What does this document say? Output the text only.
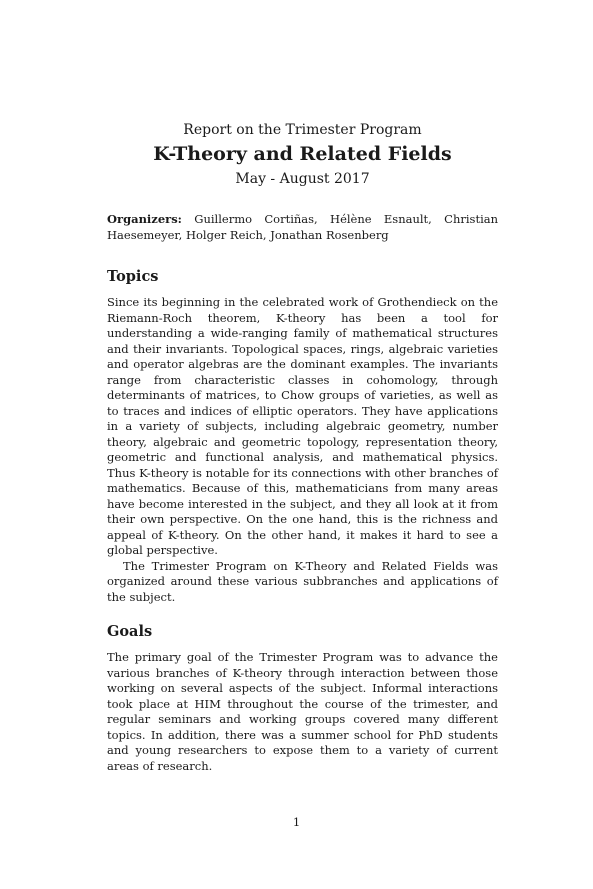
Report on the Trimester Program
K-Theory and Related Fields
May - August 2017
Organizers: Guillermo Cortiñas, Hélène Esnault, Christian Haesemeyer, Holger Reich, Jonathan Rosenberg
Topics

Since its beginning in the celebrated work of Grothendieck on the Riemann-Roch theorem, K-theory has been a tool for understanding a wide-ranging family of mathematical structures and their invariants. Topological spaces, rings, algebraic varieties and operator algebras are the dominant examples. The invariants range from characteristic classes in cohomology, through determinants of matrices, to Chow groups of varieties, as well as to traces and indices of elliptic operators. They have applications in a variety of subjects, including algebraic geometry, number theory, algebraic and geometric topology, representation theory, geometric and functional analysis, and mathematical physics. Thus K-theory is notable for its connections with other branches of mathematics. Because of this, mathematicians from many areas have become interested in the subject, and they all look at it from their own perspective. On the one hand, this is the richness and appeal of K-theory. On the other hand, it makes it hard to see a global perspective.

The Trimester Program on K-Theory and Related Fields was organized around these various subbranches and applications of the subject.

Goals

The primary goal of the Trimester Program was to advance the various branches of K-theory through interaction between those working on several aspects of the subject. Informal interactions took place at HIM throughout the course of the trimester, and regular seminars and working groups covered many different topics. In addition, there was a summer school for PhD students and young researchers to expose them to a variety of current areas of research.

1
